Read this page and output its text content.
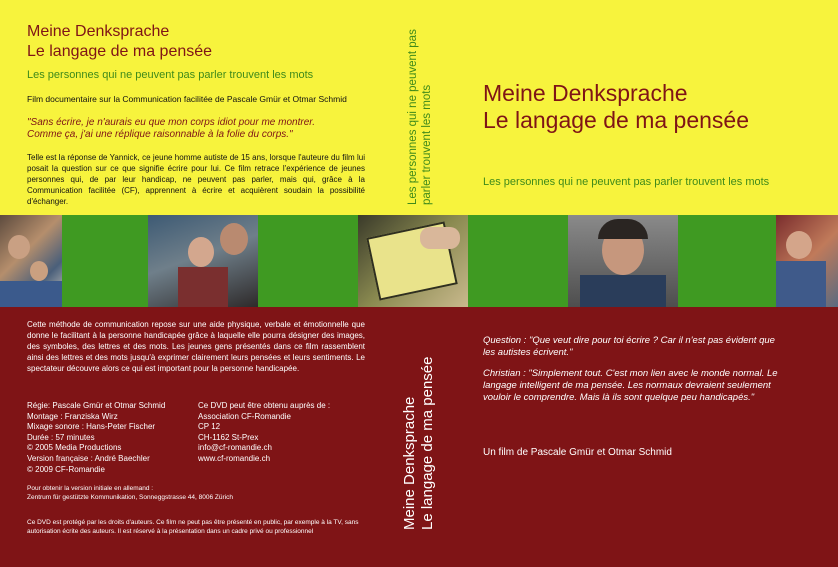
Meine Denksprache
Le langage de ma pensée
Les personnes qui ne peuvent pas parler trouvent les mots
Film documentaire sur la Communication facilitée de Pascale Gmür et Otmar Schmid
"Sans écrire, je n'aurais eu que mon corps idiot pour me montrer.
Comme ça, j'ai une réplique raisonnable à la folie du corps."
Telle est la réponse de Yannick, ce jeune homme autiste de 15 ans, lorsque l'auteure du film lui posait la question sur ce que signifie écrire pour lui. Ce film retrace l'expérience de jeunes personnes qui, de par leur handicap, ne peuvent pas parler, mais qui, grâce à la Communication facilitée (CF), apprennent à écrire et acquièrent soudain la possibilité d'échanger.
Cette méthode de communication repose sur une aide physique, verbale et émotionnelle que donne le facilitant à la personne handicapée grâce à laquelle elle pourra désigner des images, des symboles, des lettres et des mots. Les jeunes gens présentés dans ce film rassemblent ainsi des lettres et des mots jusqu'à exprimer clairement leurs pensées et leurs sentiments. Le spectateur découvre alors ce qui est important pour la personne handicapée.
Régie: Pascale Gmür et Otmar Schmid
Montage : Franziska Wirz
Mixage sonore : Hans-Peter Fischer
Durée : 57 minutes
© 2005 Media Productions
Version française : André Baechler
© 2009 CF-Romandie
Ce DVD peut être obtenu auprès de :
Association CF-Romandie
CP 12
CH-1162 St-Prex
info@cf-romandie.ch
www.cf-romandie.ch
Pour obtenir la version initiale en allemand :
Zentrum für gestützte Kommunikation, Sonneggstrasse 44, 8006 Zürich
Ce DVD est protégé par les droits d'auteurs. Ce film ne peut pas être présenté en public, par exemple à la TV, sans autorisation écrite des auteurs. Il est réservé à la présentation dans un cadre privé ou professionnel
Les personnes qui ne peuvent pas parler trouvent les mots
Meine Denksprache Le langage de ma pensée
Meine Denksprache
Le langage de ma pensée
Les personnes qui ne peuvent pas parler trouvent les mots
Question : "Que veut dire pour toi écrire ? Car il n'est pas évident que les autistes écrivent."
Christian : "Simplement tout. C'est mon lien avec le monde normal. Le langage intelligent de ma pensée. Les normaux devraient seulement vouloir le comprendre. Mais là ils sont quelque peu handicapés."
Un film de Pascale Gmür et Otmar Schmid
